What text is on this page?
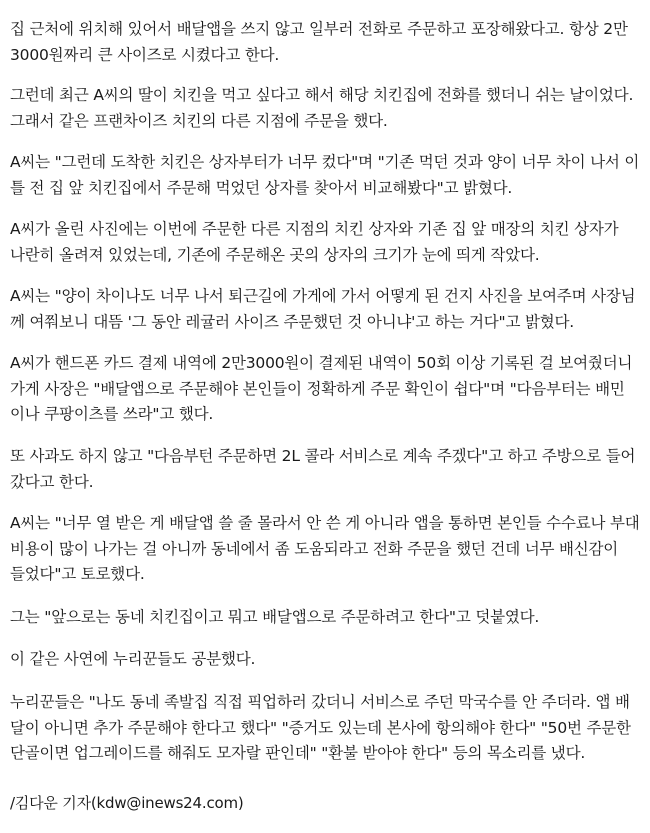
집 근처에 위치해 있어서 배달앱을 쓰지 않고 일부러 전화로 주문하고 포장해왔다고. 항상 2만
3000원짜리 큰 사이즈로 시켰다고 한다.

그런데 최근 A씨의 딸이 치킨을 먹고 싶다고 해서 해당 치킨집에 전화를 했더니 쉬는 날이었다.
그래서 같은 프랜차이즈 치킨의 다른 지점에 주문을 했다.

A씨는 "그런데 도착한 치킨은 상자부터가 너무 컸다"며 "기존 먹던 것과 양이 너무 차이 나서 이
틀 전 집 앞 치킨집에서 주문해 먹었던 상자를 찾아서 비교해봤다"고 밝혔다.

A씨가 올린 사진에는 이번에 주문한 다른 지점의 치킨 상자와 기존 집 앞 매장의 치킨 상자가
나란히 올려져 있었는데, 기존에 주문해온 곳의 상자의 크기가 눈에 띄게 작았다.

A씨는 "양이 차이나도 너무 나서 퇴근길에 가게에 가서 어떻게 된 건지 사진을 보여주며 사장님
께 여쭤보니 대뜸 '그 동안 레귤러 사이즈 주문했던 것 아니냐'고 하는 거다"고 밝혔다.

A씨가 핸드폰 카드 결제 내역에 2만3000원이 결제된 내역이 50회 이상 기록된 걸 보여줬더니
가게 사장은 "배달앱으로 주문해야 본인들이 정확하게 주문 확인이 쉽다"며 "다음부터는 배민
이나 쿠팡이츠를 쓰라"고 했다.

또 사과도 하지 않고 "다음부턴 주문하면 2L 콜라 서비스로 계속 주겠다"고 하고 주방으로 들어
갔다고 한다.

A씨는 "너무 열 받은 게 배달앱 쓸 줄 몰라서 안 쓴 게 아니라 앱을 통하면 본인들 수수료나 부대
비용이 많이 나가는 걸 아니까 동네에서 좀 도움되라고 전화 주문을 했던 건데 너무 배신감이
들었다"고 토로했다.

그는 "앞으로는 동네 치킨집이고 뭐고 배달앱으로 주문하려고 한다"고 덧붙였다.

이 같은 사연에 누리꾼들도 공분했다.

누리꾼들은 "나도 동네 족발집 직접 픽업하러 갔더니 서비스로 주던 막국수를 안 주더라. 앱 배
달이 아니면 추가 주문해야 한다고 했다" "증거도 있는데 본사에 항의해야 한다" "50번 주문한
단골이면 업그레이드를 해줘도 모자랄 판인데" "환불 받아야 한다" 등의 목소리를 냈다.

/김다운 기자(kdw@inews24.com)
